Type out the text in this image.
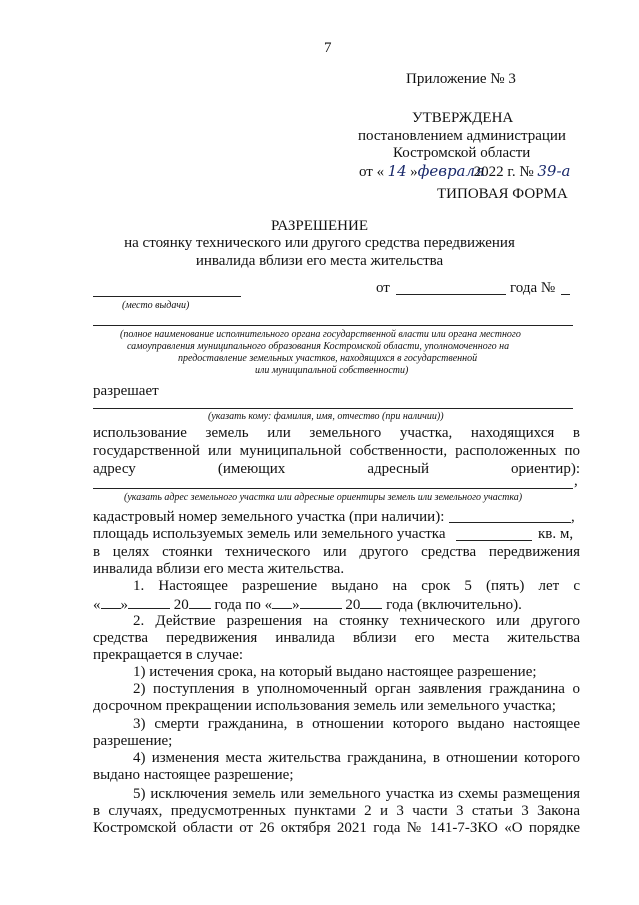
7
Приложение № 3
УТВЕРЖДЕНА
постановлением администрации
Костромской области
от « 14 »февраля2022 г. № 39-а
ТИПОВАЯ ФОРМА
РАЗРЕШЕНИЕ
на стоянку технического или другого средства передвижения
инвалида вблизи его места жительства
(место выдачи)
от	года №
(полное наименование исполнительного органа государственной власти или органа местного
самоуправления муниципального образования Костромской области, уполномоченного на
предоставление земельных участков, находящихся в государственной
или муниципальной собственности)
разрешает
(указать кому: фамилия, имя, отчество (при наличии))
использование земель или земельного участка, находящихся в
государственной или муниципальной собственности, расположенных по
адресу (имеющих адресный ориентир):
,
(указать адрес земельного участка или адресные ориентиры земель или земельного участка)
кадастровый номер земельного участка (при наличии):	,
площадь используемых земель или земельного участка	кв. м,
в целях стоянки технического или другого средства передвижения
инвалида вблизи его места жительства.
1. Настоящее разрешение выдано на срок 5 (пять) лет с
« »	20 года по « »	20 года (включительно).
2. Действие разрешения на стоянку технического или другого
средства передвижения инвалида вблизи его места жительства
прекращается в случае:
1) истечения срока, на который выдано настоящее разрешение;
2) поступления в уполномоченный орган заявления гражданина о
досрочном прекращении использования земель или земельного участка;
3) смерти гражданина, в отношении которого выдано настоящее
разрешение;
4) изменения места жительства гражданина, в отношении которого
выдано настоящее разрешение;
5) исключения земель или земельного участка из схемы размещения
в случаях, предусмотренных пунктами 2 и 3 части 3 статьи 3 Закона
Костромской области от 26 октября 2021 года № 141-7-ЗКО «О порядке
